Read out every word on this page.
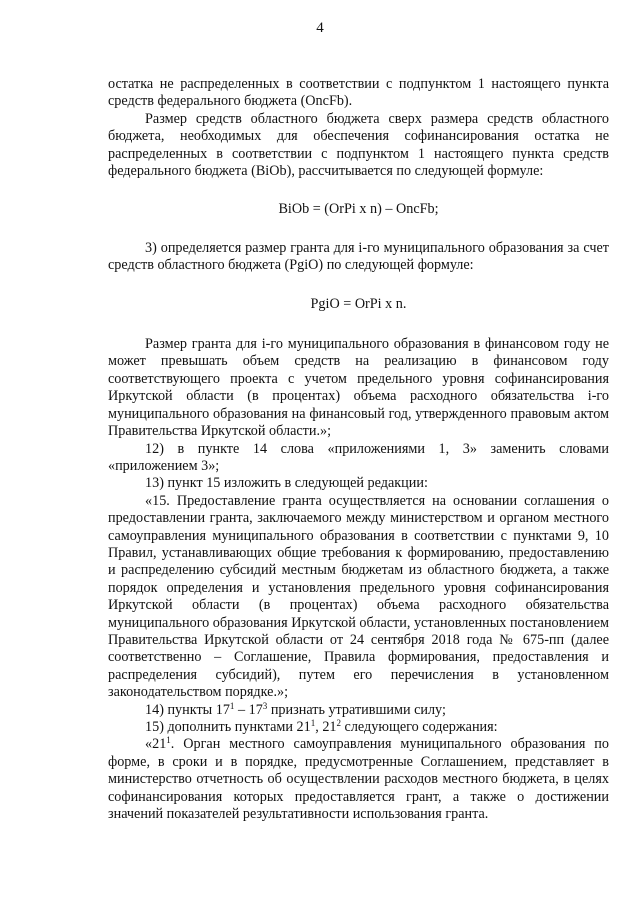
4

остатка не распределенных в соответствии с подпунктом 1 настоящего пункта средств федерального бюджета (OncFb).

Размер средств областного бюджета сверх размера средств областного бюджета, необходимых для обеспечения софинансирования остатка не распределенных в соответствии с подпунктом 1 настоящего пункта средств федерального бюджета (BiOb), рассчитывается по следующей формуле:

BiOb = (OrPi x n) – OncFb;

3) определяется размер гранта для i-го муниципального образования за счет средств областного бюджета (PgiO) по следующей формуле:

PgiO = OrPi x n.

Размер гранта для i-го муниципального образования в финансовом году не может превышать объем средств на реализацию в финансовом году соответствующего проекта с учетом предельного уровня софинансирования Иркутской области (в процентах) объема расходного обязательства i-го муниципального образования на финансовый год, утвержденного правовым актом Правительства Иркутской области.»;

12) в пункте 14 слова «приложениями 1, 3» заменить словами «приложением 3»;

13) пункт 15 изложить в следующей редакции:

«15. Предоставление гранта осуществляется на основании соглашения о предоставлении гранта, заключаемого между министерством и органом местного самоуправления муниципального образования в соответствии с пунктами 9, 10 Правил, устанавливающих общие требования к формированию, предоставлению и распределению субсидий местным бюджетам из областного бюджета, а также порядок определения и установления предельного уровня софинансирования Иркутской области (в процентах) объема расходного обязательства муниципального образования Иркутской области, установленных постановлением Правительства Иркутской области от 24 сентября 2018 года № 675-пп (далее соответственно – Соглашение, Правила формирования, предоставления и распределения субсидий), путем его перечисления в установленном законодательством порядке.»;

14) пункты $17^1 - 17^3$ признать утратившими силу;

15) дополнить пунктами $21^1$, $21^2$ следующего содержания:

«$21^1$. Орган местного самоуправления муниципального образования по форме, в сроки и в порядке, предусмотренные Соглашением, представляет в министерство отчетность об осуществлении расходов местного бюджета, в целях софинансирования которых предоставляется грант, а также о достижении значений показателей результативности использования гранта.
